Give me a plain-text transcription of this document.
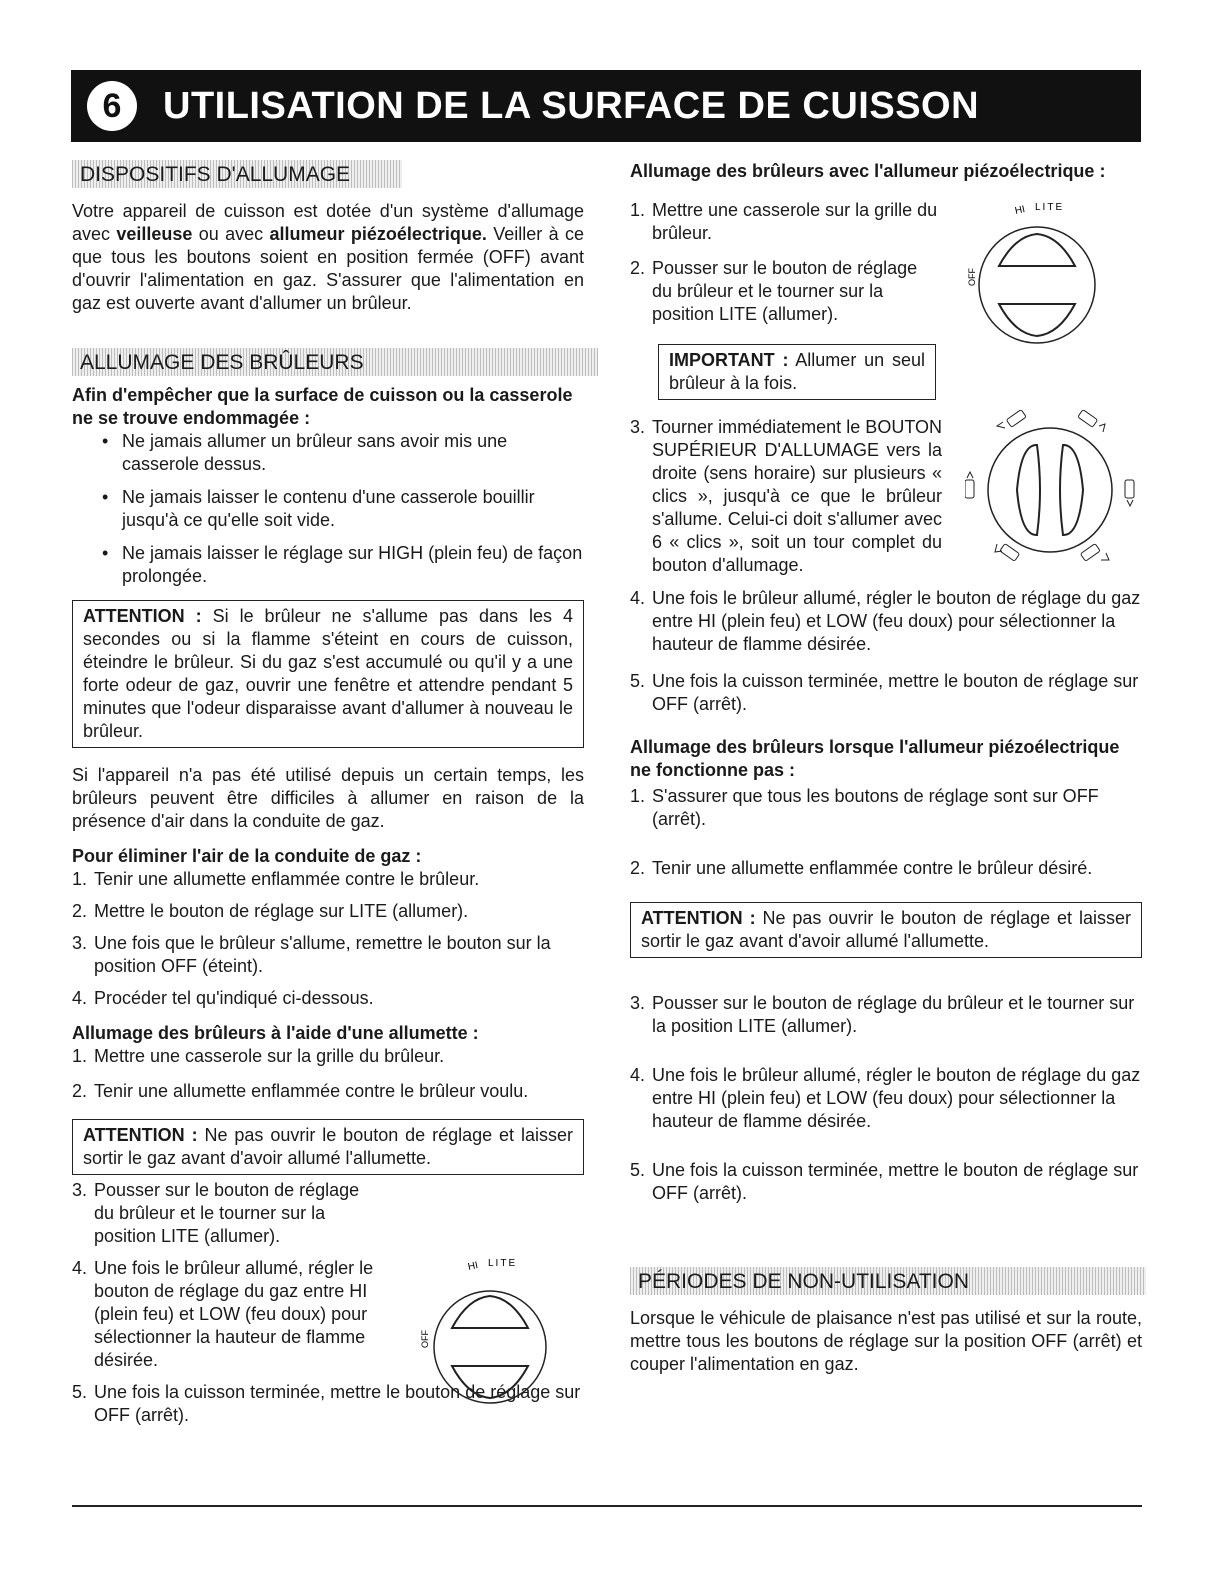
6	UTILISATION DE LA SURFACE DE CUISSON
DISPOSITIFS D'ALLUMAGE

Votre appareil de cuisson est dotée d'un système d'allumage avec veilleuse ou avec allumeur piézoélectrique. Veiller à ce que tous les boutons soient en position fermée (OFF) avant d'ouvrir l'alimentation en gaz. S'assurer que l'alimentation en gaz est ouverte avant d'allumer un brûleur.

ALLUMAGE DES BRÛLEURS

Afin d'empêcher que la surface de cuisson ou la casserole ne se trouve endommagée :

• Ne jamais allumer un brûleur sans avoir mis une casserole dessus.
• Ne jamais laisser le contenu d'une casserole bouillir jusqu'à ce qu'elle soit vide.
• Ne jamais laisser le réglage sur HIGH (plein feu) de façon prolongée.
ATTENTION : Si le brûleur ne s'allume pas dans les 4 secondes ou si la flamme s'éteint en cours de cuisson, éteindre le brûleur. Si du gaz s'est accumulé ou qu'il y a une forte odeur de gaz, ouvrir une fenêtre et attendre pendant 5 minutes que l'odeur disparaisse avant d'allumer à nouveau le brûleur.

Si l'appareil n'a pas été utilisé depuis un certain temps, les brûleurs peuvent être difficiles à allumer en raison de la présence d'air dans la conduite de gaz.

Pour éliminer l'air de la conduite de gaz :

1. Tenir une allumette enflammée contre le brûleur.
2. Mettre le bouton de réglage sur LITE (allumer).
3. Une fois que le brûleur s'allume, remettre le bouton sur la position OFF (éteint).
4. Procéder tel qu'indiqué ci-dessous.

Allumage des brûleurs à l'aide d'une allumette :

1. Mettre une casserole sur la grille du brûleur.
2. Tenir une allumette enflammée contre le brûleur voulu.
ATTENTION : Ne pas ouvrir le bouton de réglage et laisser sortir le gaz avant d'avoir allumé l'allumette.
3. Pousser sur le bouton de réglage du brûleur et le tourner sur la position LITE (allumer).
4. Une fois le brûleur allumé, régler le bouton de réglage du gaz entre HI (plein feu) et LOW (feu doux) pour sélectionner la hauteur de flamme désirée.
5. Une fois la cuisson terminée, mettre le bouton de réglage sur OFF (arrêt).
HI LITE
OFF

Allumage des brûleurs avec l'allumeur piézoélectrique :

1. Mettre une casserole sur la grille du brûleur.
2. Pousser sur le bouton de réglage du brûleur et le tourner sur la position LITE (allumer).
IMPORTANT : Allumer un seul brûleur à la fois.
3. Tourner immédiatement le BOUTON SUPÉRIEUR D'ALLUMAGE vers la droite (sens horaire) sur plusieurs « clics », jusqu'à ce que le brûleur s'allume. Celui-ci doit s'allumer avec 6 « clics », soit un tour complet du bouton d'allumage.
4. Une fois le brûleur allumé, régler le bouton de réglage du gaz entre HI (plein feu) et LOW (feu doux) pour sélectionner la hauteur de flamme désirée.
5. Une fois la cuisson terminée, mettre le bouton de réglage sur OFF (arrêt).

Allumage des brûleurs lorsque l'allumeur piézoélectrique ne fonctionne pas :

1. S'assurer que tous les boutons de réglage sont sur OFF (arrêt).
2. Tenir une allumette enflammée contre le brûleur désiré.
ATTENTION : Ne pas ouvrir le bouton de réglage et laisser sortir le gaz avant d'avoir allumé l'allumette.
3. Pousser sur le bouton de réglage du brûleur et le tourner sur la position LITE (allumer).
4. Une fois le brûleur allumé, régler le bouton de réglage du gaz entre HI (plein feu) et LOW (feu doux) pour sélectionner la hauteur de flamme désirée.
5. Une fois la cuisson terminée, mettre le bouton de réglage sur OFF (arrêt).
PÉRIODES DE NON-UTILISATION

Lorsque le véhicule de plaisance n'est pas utilisé et sur la route, mettre tous les boutons de réglage sur la position OFF (arrêt) et couper l'alimentation en gaz.

HI LITE
OFF
